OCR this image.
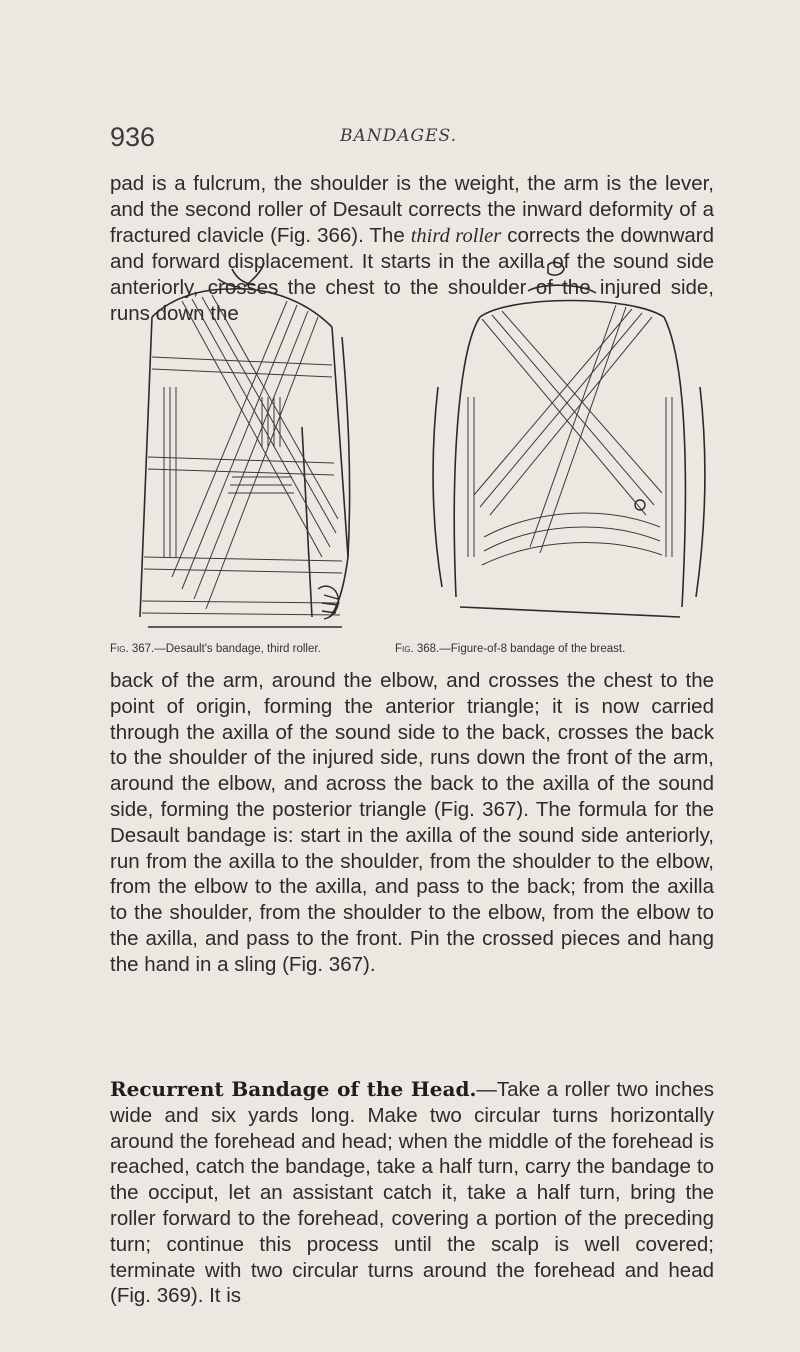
936	BANDAGES.

pad is a fulcrum, the shoulder is the weight, the arm is the lever, and the second roller of Desault corrects the inward deformity of a fractured clavicle (Fig. 366). The third roller corrects the downward and forward displacement. It starts in the axilla of the sound side anteriorly, crosses the chest to the shoulder of the injured side, runs down the

Fig. 367.—Desault's bandage, third roller.	Fig. 368.—Figure-of-8 bandage of the breast.

back of the arm, around the elbow, and crosses the chest to the point of origin, forming the anterior triangle; it is now carried through the axilla of the sound side to the back, crosses the back to the shoulder of the injured side, runs down the front of the arm, around the elbow, and across the back to the axilla of the sound side, forming the posterior triangle (Fig. 367). The formula for the Desault bandage is: start in the axilla of the sound side anteriorly, run from the axilla to the shoulder, from the shoulder to the elbow, from the elbow to the axilla, and pass to the back; from the axilla to the shoulder, from the shoulder to the elbow, from the elbow to the axilla, and pass to the front. Pin the crossed pieces and hang the hand in a sling (Fig. 367).

Recurrent Bandage of the Head.—Take a roller two inches wide and six yards long. Make two circular turns horizontally around the forehead and head; when the middle of the forehead is reached, catch the bandage, take a half turn, carry the bandage to the occiput, let an assistant catch it, take a half turn, bring the roller forward to the forehead, covering a portion of the preceding turn; continue this process until the scalp is well covered; terminate with two circular turns around the forehead and head (Fig. 369). It is
